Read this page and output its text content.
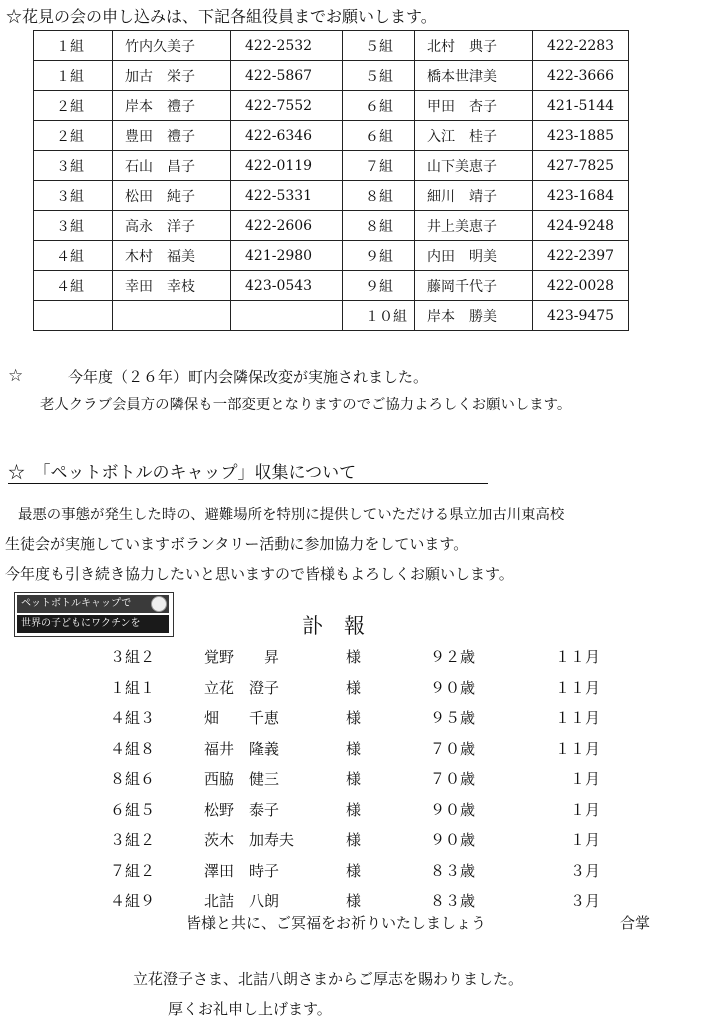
☆花見の会の申し込みは、下記各組役員までお願いします。
１組	竹内久美子	422-2532	５組	北村　典子	422-2283
１組	加古　栄子	422-5867	５組	橋本世津美	422-3666
２組	岸本　禮子	422-7552	６組	甲田　杏子	421-5144
２組	豊田　禮子	422-6346	６組	入江　桂子	423-1885
３組	石山　昌子	422-0119	７組	山下美恵子	427-7825
３組	松田　純子	422-5331	８組	細川　靖子	423-1684
３組	高永　洋子	422-2606	８組	井上美恵子	424-9248
４組	木村　福美	421-2980	９組	内田　明美	422-2397
４組	幸田　幸枝	423-0543	９組	藤岡千代子	422-0028
			１０組	岸本　勝美	423-9475
☆	今年度（２６年）町内会隣保改変が実施されました。
老人クラブ会員方の隣保も一部変更となりますのでご協力よろしくお願いします。
☆　「ペットボトルのキャップ」収集について
最悪の事態が発生した時の、避難場所を特別に提供していただける県立加古川東高校
生徒会が実施していますボランタリー活動に参加協力をしています。
今年度も引き続き協力したいと思いますので皆様もよろしくお願いします。
ペットボトルキャップで
世界の子どもにワクチンを	訃　報
３組２	覚野　　昇	様	９２歳	１１月
１組１	立花　澄子	様	９０歳	１１月
４組３	畑　　千恵	様	９５歳	１１月
４組８	福井　隆義	様	７０歳	１１月
８組６	西脇　健三	様	７０歳	１月
６組５	松野　泰子	様	９０歳	１月
３組２	茨木　加寿夫	様	９０歳	１月
７組２	澤田　時子	様	８３歳	３月
４組９	北詰　八朗	様	８３歳	３月
皆様と共に、ご冥福をお祈りいたしましょう	合掌
立花澄子さま、北詰八朗さまからご厚志を賜わりました。
厚くお礼申し上げます。
